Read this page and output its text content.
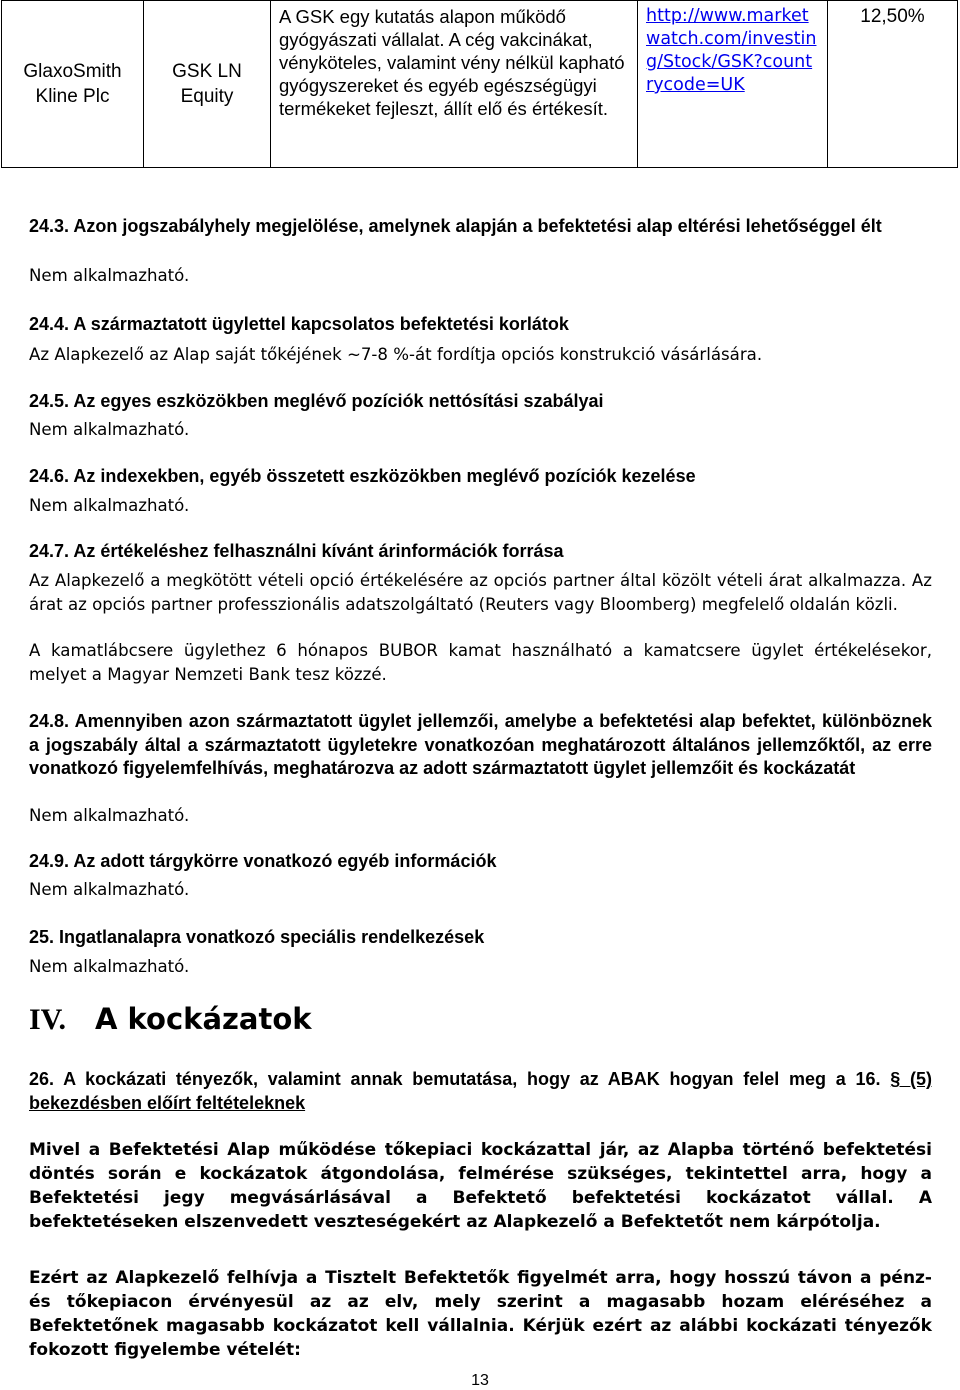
GlaxoSmith Kline Plc	GSK LN Equity	A GSK egy kutatás alapon működő gyógyászati vállalat. A cég vakcinákat, vényköteles, valamint vény nélkül kapható gyógyszereket és egyéb egészségügyi termékeket fejleszt, állít elő és értékesít.	http://www.marketwatch.com/investing/Stock/GSK?countrycode=UK	12,50%
24.3. Azon jogszabályhely megjelölése, amelynek alapján a befektetési alap eltérési lehetőséggel élt
Nem alkalmazható.
24.4. A származtatott ügylettel kapcsolatos befektetési korlátok
Az Alapkezelő az Alap saját tőkéjének ~7-8 %-át fordítja opciós konstrukció vásárlására.
24.5. Az egyes eszközökben meglévő pozíciók nettósítási szabályai
Nem alkalmazható.
24.6. Az indexekben, egyéb összetett eszközökben meglévő pozíciók kezelése
Nem alkalmazható.
24.7. Az értékeléshez felhasználni kívánt árinformációk forrása
Az Alapkezelő a megkötött vételi opció értékelésére az opciós partner által közölt vételi árat alkalmazza. Az árat az opciós partner professzionális adatszolgáltató (Reuters vagy Bloomberg) megfelelő oldalán közli.
A kamatlábcsere ügylethez 6 hónapos BUBOR kamat használható a kamatcsere ügylet értékelésekor, melyet a Magyar Nemzeti Bank tesz közzé.
24.8. Amennyiben azon származtatott ügylet jellemzői, amelybe a befektetési alap befektet, különböznek a jogszabály által a származtatott ügyletekre vonatkozóan meghatározott általános jellemzőktől, az erre vonatkozó figyelemfelhívás, meghatározva az adott származtatott ügylet jellemzőit és kockázatát
Nem alkalmazható.
24.9. Az adott tárgykörre vonatkozó egyéb információk
Nem alkalmazható.
25. Ingatlanalapra vonatkozó speciális rendelkezések
Nem alkalmazható.
IV. A kockázatok
26. A kockázati tényezők, valamint annak bemutatása, hogy az ABAK hogyan felel meg a 16. § (5) bekezdésben előírt feltételeknek
Mivel a Befektetési Alap működése tőkepiaci kockázattal jár, az Alapba történő befektetési döntés során e kockázatok átgondolása, felmérése szükséges, tekintettel arra, hogy a Befektetési jegy megvásárlásával a Befektető befektetési kockázatot vállal. A befektetéseken elszenvedett veszteségekért az Alapkezelő a Befektetőt nem kárpótolja.
Ezért az Alapkezelő felhívja a Tisztelt Befektetők figyelmét arra, hogy hosszú távon a pénz- és tőkepiacon érvényesül az az elv, mely szerint a magasabb hozam eléréséhez a Befektetőnek magasabb kockázatot kell vállalnia. Kérjük ezért az alábbi kockázati tényezők fokozott figyelembe vételét:
13
